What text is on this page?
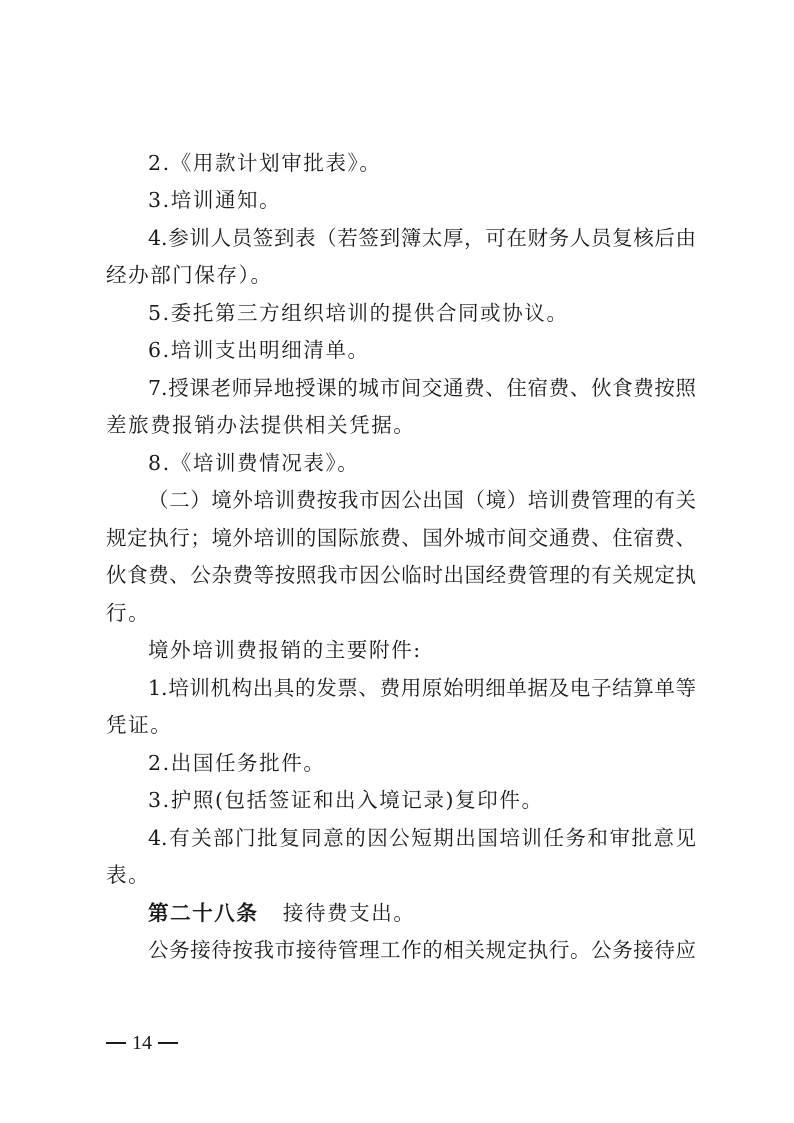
2.《用款计划审批表》。
3.培训通知。
4.参训人员签到表（若签到簿太厚，可在财务人员复核后由
经办部门保存）。
5.委托第三方组织培训的提供合同或协议。
6.培训支出明细清单。
7.授课老师异地授课的城市间交通费、住宿费、伙食费按照
差旅费报销办法提供相关凭据。
8.《培训费情况表》。
（二）境外培训费按我市因公出国（境）培训费管理的有关
规定执行；境外培训的国际旅费、国外城市间交通费、住宿费、
伙食费、公杂费等按照我市因公临时出国经费管理的有关规定执
行。
境外培训费报销的主要附件:
1.培训机构出具的发票、费用原始明细单据及电子结算单等
凭证。
2.出国任务批件。
3.护照(包括签证和出入境记录)复印件。
4.有关部门批复同意的因公短期出国培训任务和审批意见
表。
第二十八条 接待费支出。
公务接待按我市接待管理工作的相关规定执行。公务接待应
14
